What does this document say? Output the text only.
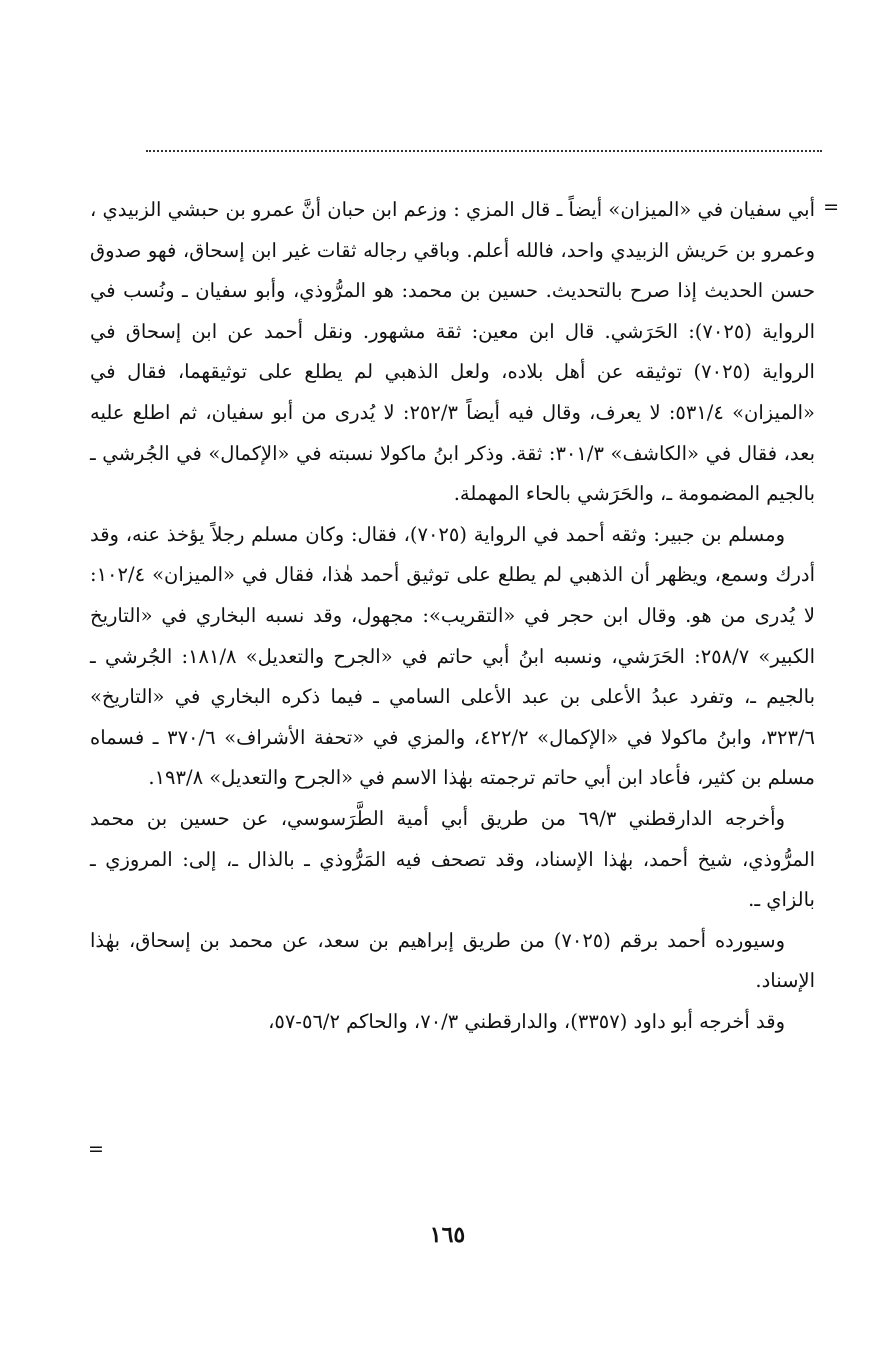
=

أبي سفيان في «الميزان» أيضاً ـ قال المزي : وزعم ابن حبان أنَّ عمرو بن حبشي الزبيدي ، وعمرو بن حَريش الزبيدي واحد، فالله أعلم. وباقي رجاله ثقات غير ابن إسحاق، فهو صدوق حسن الحديث إذا صرح بالتحديث. حسين بن محمد: هو المرُّوذي، وأبو سفيان ـ ونُسب في الرواية (٧٠٢٥): الحَرَشي. قال ابن معين: ثقة مشهور. ونقل أحمد عن ابن إسحاق في الرواية (٧٠٢٥) توثيقه عن أهل بلاده، ولعل الذهبي لم يطلع على توثيقهما، فقال في «الميزان» ٥٣١/٤: لا يعرف، وقال فيه أيضاً ٢٥٢/٣: لا يُدرى من أبو سفيان، ثم اطلع عليه بعد، فقال في «الكاشف» ٣٠١/٣: ثقة. وذكر ابنُ ماكولا نسبته في «الإكمال» في الجُرشي ـ بالجيم المضمومة ـ، والحَرَشي بالحاء المهملة.

ومسلم بن جبير: وثقه أحمد في الرواية (٧٠٢٥)، فقال: وكان مسلم رجلاً يؤخذ عنه، وقد أدرك وسمع، ويظهر أن الذهبي لم يطلع على توثيق أحمد هٰذا، فقال في «الميزان» ١٠٢/٤: لا يُدرى من هو. وقال ابن حجر في «التقريب»: مجهول، وقد نسبه البخاري في «التاريخ الكبير» ٢٥٨/٧: الحَرَشي، ونسبه ابنُ أبي حاتم في «الجرح والتعديل» ١٨١/٨: الجُرشي ـ بالجيم ـ، وتفرد عبدُ الأعلى بن عبد الأعلى السامي ـ فيما ذكره البخاري في «التاريخ» ٣٢٣/٦، وابنُ ماكولا في «الإكمال» ٤٢٢/٢، والمزي في «تحفة الأشراف» ٣٧٠/٦ ـ فسماه مسلم بن كثير، فأعاد ابن أبي حاتم ترجمته بهٰذا الاسم في «الجرح والتعديل» ١٩٣/٨.

وأخرجه الدارقطني ٦٩/٣ من طريق أبي أمية الطَّرَسوسي، عن حسين بن محمد المرُّوذي، شيخ أحمد، بهٰذا الإسناد، وقد تصحف فيه المَرُّوذي ـ بالذال ـ، إلى: المروزي ـ بالزاي ـ.

وسيورده أحمد برقم (٧٠٢٥) من طريق إبراهيم بن سعد، عن محمد بن إسحاق، بهٰذا الإسناد.

وقد أخرجه أبو داود (٣٣٥٧)، والدارقطني ٧٠/٣، والحاكم ٥٦/٢-٥٧،

=
١٦٥
